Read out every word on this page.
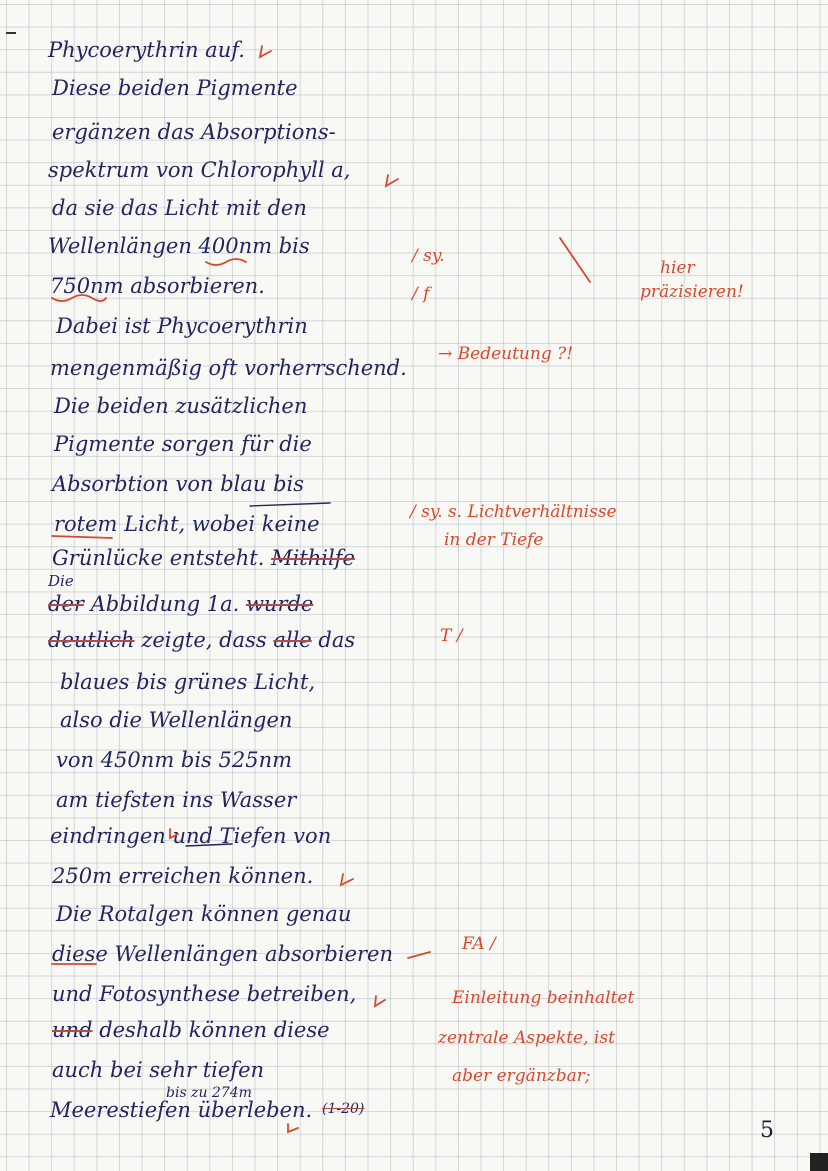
Phycoerythrin auf.
Diese beiden Pigmente
ergänzen das Absorptions-
spektrum von Chlorophyll a,
da sie das Licht mit den
Wellenlängen 400nm bis
750nm absorbieren.
Dabei ist Phycoerythrin
mengenmäßig oft vorherrschend.
Die beiden zusätzlichen
Pigmente sorgen für die
Absorbtion von blau bis
rotem Licht, wobei keine
Grünlücke entsteht. Mithilfe
Die
der Abbildung 1a. wurde
deutlich zeigte, dass alle das
blaues bis grünes Licht,
also die Wellenlängen
von 450nm bis 525nm
am tiefsten ins Wasser
eindringen und Tiefen von
250m erreichen können.
Die Rotalgen können genau
diese Wellenlängen absorbieren
und Fotosynthese betreiben,
und deshalb können diese
auch bei sehr tiefen
bis zu 274m
Meerestiefen überleben. (1-20)
/ sy.
/ f
hier
präzisieren!
→ Bedeutung ?!
/ sy. s. Lichtverhältnisse
in der Tiefe
T /
FA /
Einleitung beinhaltet
zentrale Aspekte, ist
aber ergänzbar;
5
